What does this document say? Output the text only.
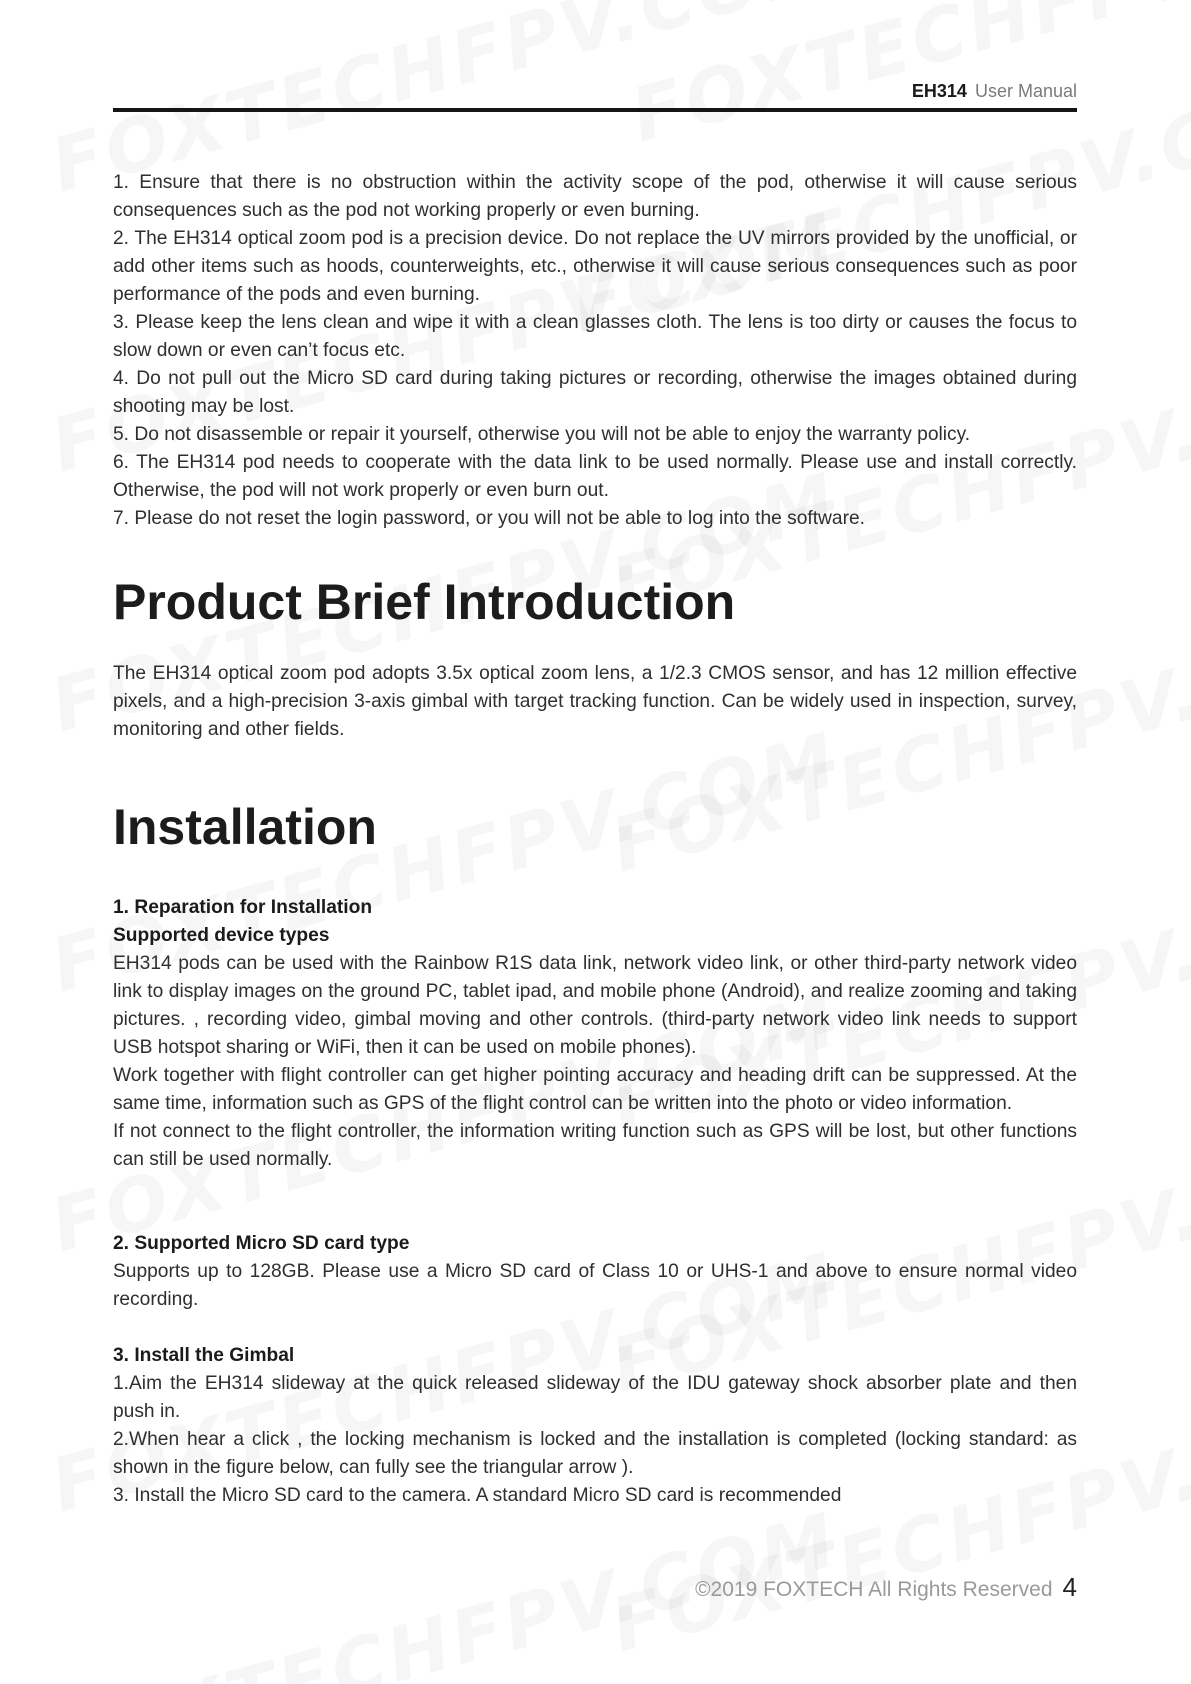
EH314 User Manual

1. Ensure that there is no obstruction within the activity scope of the pod, otherwise it will cause serious consequences such as the pod not working properly or even burning.

2. The EH314 optical zoom pod is a precision device. Do not replace the UV mirrors provided by the unofficial, or add other items such as hoods, counterweights, etc., otherwise it will cause serious consequences such as poor performance of the pods and even burning.

3. Please keep the lens clean and wipe it with a clean glasses cloth. The lens is too dirty or causes the focus to slow down or even can’t focus etc.

4. Do not pull out the Micro SD card during taking pictures or recording, otherwise the images obtained during shooting may be lost.

5. Do not disassemble or repair it yourself, otherwise you will not be able to enjoy the warranty policy.

6. The EH314 pod needs to cooperate with the data link to be used normally. Please use and install correctly. Otherwise, the pod will not work properly or even burn out.

7. Please do not reset the login password, or you will not be able to log into the software.

Product Brief Introduction

The EH314 optical zoom pod adopts 3.5x optical zoom lens, a 1/2.3 CMOS sensor, and has 12 million effective pixels, and a high-precision 3-axis gimbal with target tracking function. Can be widely used in inspection, survey, monitoring and other fields.

Installation

1. Reparation for Installation

Supported device types

EH314 pods can be used with the Rainbow R1S data link, network video link, or other third-party network video link to display images on the ground PC, tablet ipad, and mobile phone (Android), and realize zooming and taking pictures. , recording video, gimbal moving and other controls. (third-party network video link needs to support USB hotspot sharing or WiFi, then it can be used on mobile phones).

Work together with flight controller can get higher pointing accuracy and heading drift can be suppressed. At the same time, information such as GPS of the flight control can be written into the photo or video information.

If not connect to the flight controller, the information writing function such as GPS will be lost, but other functions can still be used normally.

2. Supported Micro SD card type

Supports up to 128GB. Please use a Micro SD card of Class 10 or UHS-1 and above to ensure normal video recording.

3. Install the Gimbal

1.Aim the EH314 slideway at the quick released slideway of the IDU gateway shock absorber plate and then push in.

2.When hear a click , the locking mechanism is locked and the installation is completed (locking standard: as shown in the figure below, can fully see the triangular arrow ).

3. Install the Micro SD card to the camera. A standard Micro SD card is recommended

©2019 FOXTECH All Rights Reserved 4
